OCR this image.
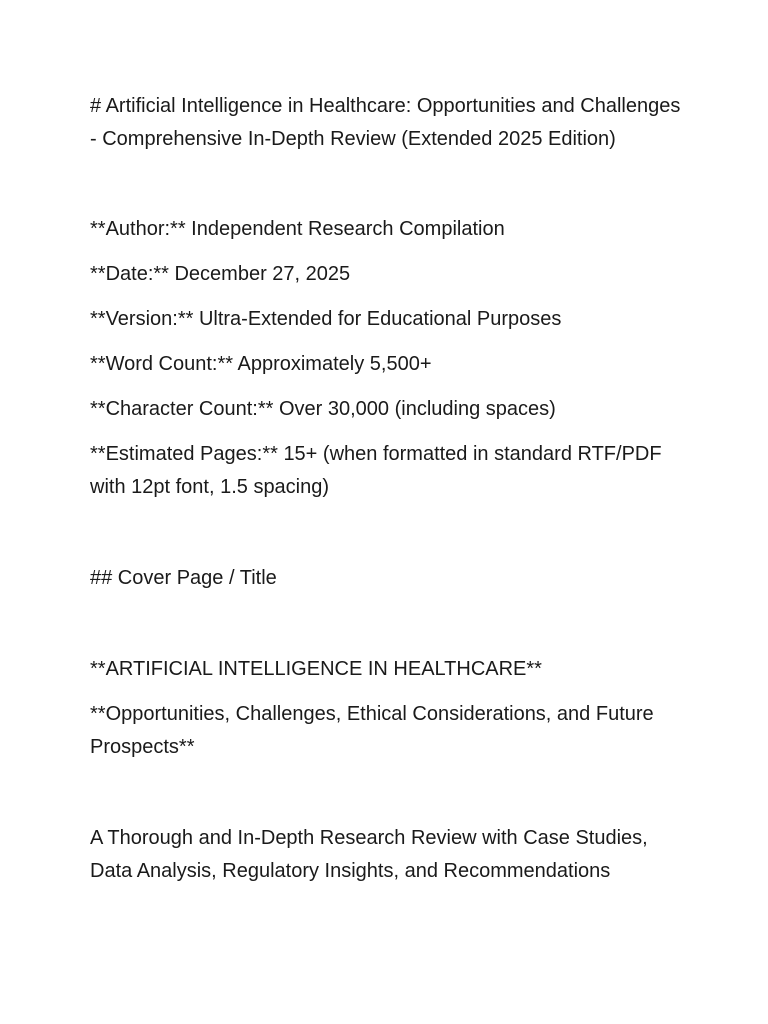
# Artificial Intelligence in Healthcare: Opportunities and Challenges - Comprehensive In-Depth Review (Extended 2025 Edition)

**Author:** Independent Research Compilation

**Date:** December 27, 2025

**Version:** Ultra-Extended for Educational Purposes

**Word Count:** Approximately 5,500+

**Character Count:** Over 30,000 (including spaces)

**Estimated Pages:** 15+ (when formatted in standard RTF/PDF with 12pt font, 1.5 spacing)

## Cover Page / Title

**ARTIFICIAL INTELLIGENCE IN HEALTHCARE**

**Opportunities, Challenges, Ethical Considerations, and Future Prospects**

A Thorough and In-Depth Research Review with Case Studies, Data Analysis, Regulatory Insights, and Recommendations
